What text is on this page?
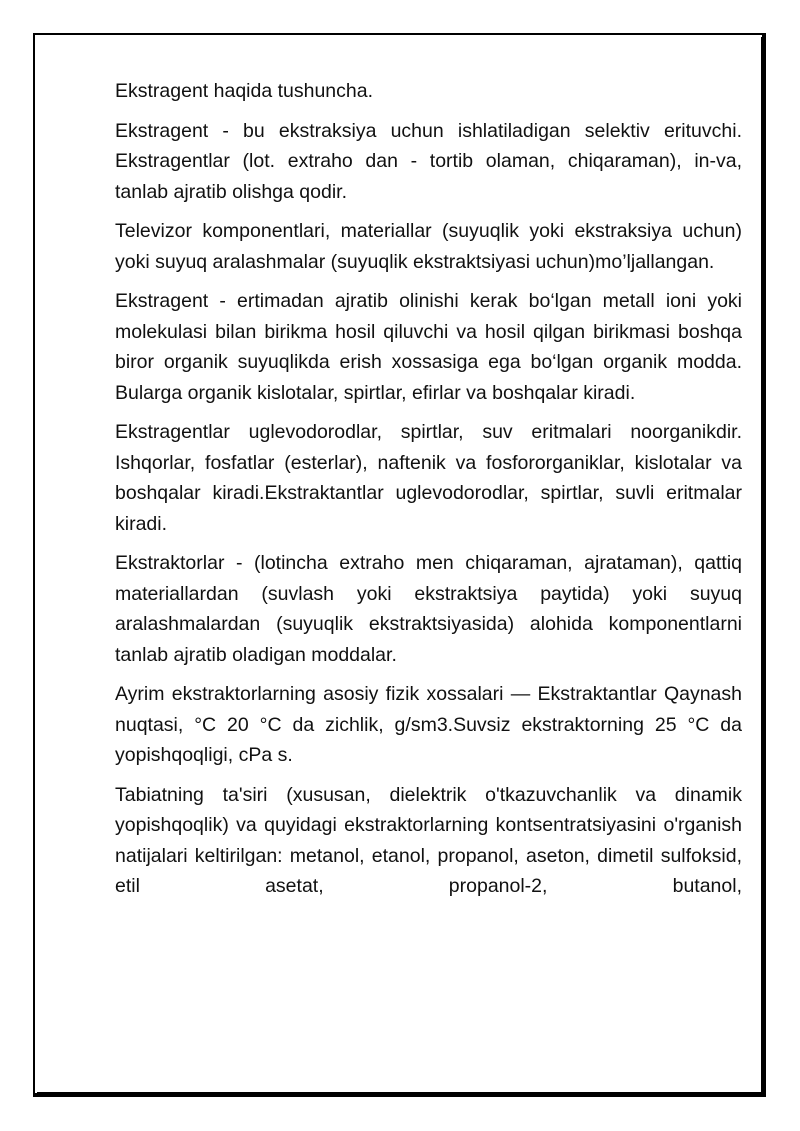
Ekstragent haqida tushuncha.

Ekstragent - bu ekstraksiya uchun ishlatiladigan selektiv erituvchi. Ekstragentlar (lot. extraho dan - tortib olaman, chiqaraman), in-va, tanlab ajratib olishga qodir.

Televizor komponentlari, materiallar (suyuqlik yoki ekstraksiya uchun) yoki suyuq aralashmalar (suyuqlik ekstraktsiyasi uchun)mo’ljallangan.

Ekstragent - ertimadan ajratib olinishi kerak bo‘lgan metall ioni yoki molekulasi bilan birikma hosil qiluvchi va hosil qilgan birikmasi boshqa biror organik suyuqlikda erish xossasiga ega bo‘lgan organik modda. Bularga organik kislotalar, spirtlar, efirlar va boshqalar kiradi.

Ekstragentlar uglevodorodlar, spirtlar, suv eritmalari noorganikdir. Ishqorlar, fosfatlar (esterlar), naftenik va fosfororganiklar, kislotalar va boshqalar kiradi.Ekstraktantlar uglevodorodlar, spirtlar, suvli eritmalar kiradi.

Ekstraktorlar - (lotincha extraho men chiqaraman, ajrataman), qattiq materiallardan (suvlash yoki ekstraktsiya paytida) yoki suyuq aralashmalardan (suyuqlik ekstraktsiyasida) alohida komponentlarni tanlab ajratib oladigan moddalar.

Ayrim ekstraktorlarning asosiy fizik xossalari — Ekstraktantlar Qaynash nuqtasi, °C 20 °C da zichlik, g/sm3.Suvsiz ekstraktorning 25 °C da yopishqoqligi, cPa s.

Tabiatning ta'siri (xususan, dielektrik o'tkazuvchanlik va dinamik yopishqoqlik) va quyidagi ekstraktorlarning kontsentratsiyasini o'rganish natijalari keltirilgan: metanol, etanol, propanol, aseton, dimetil sulfoksid, etil asetat, propanol-2, butanol,
